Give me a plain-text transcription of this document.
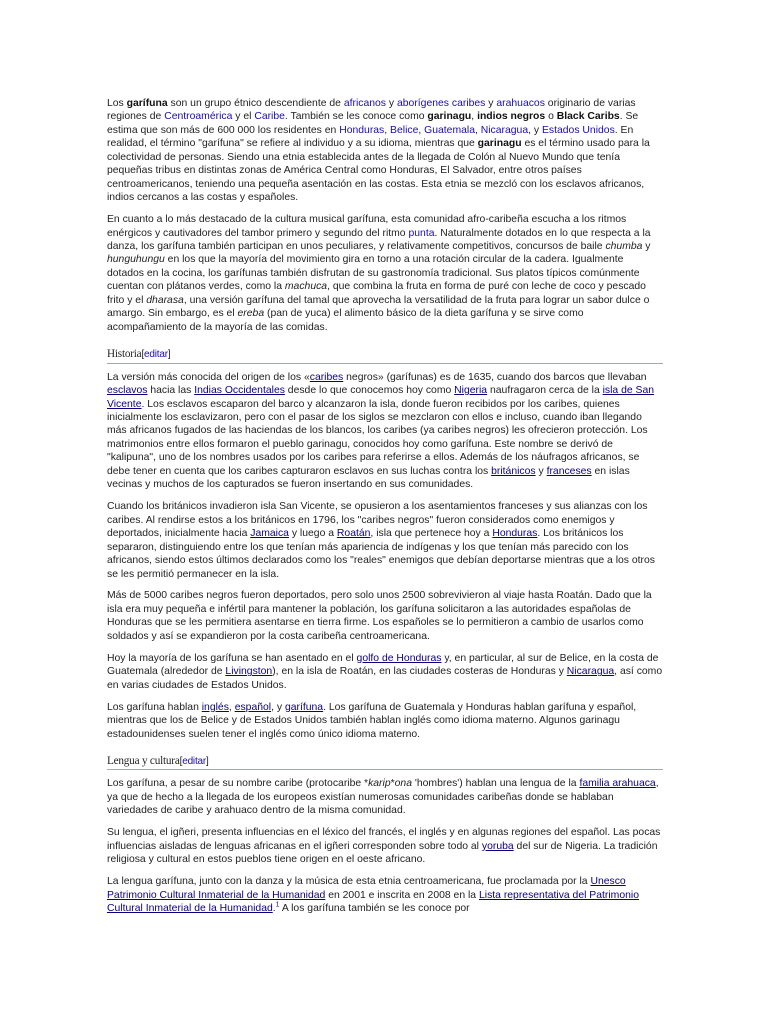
Los garífuna son un grupo étnico descendiente de africanos y aborígenes caribes y arahuacos originario de varias regiones de Centroamérica y el Caribe. También se les conoce como garinagu, indios negros o Black Caribs. Se estima que son más de 600 000 los residentes en Honduras, Belice, Guatemala, Nicaragua, y Estados Unidos. En realidad, el término "garífuna" se refiere al individuo y a su idioma, mientras que garinagu es el término usado para la colectividad de personas. Siendo una etnia establecida antes de la llegada de Colón al Nuevo Mundo que tenía pequeñas tribus en distintas zonas de América Central como Honduras, El Salvador, entre otros países centroamericanos, teniendo una pequeña asentación en las costas. Esta etnia se mezcló con los esclavos africanos, indios cercanos a las costas y españoles.

En cuanto a lo más destacado de la cultura musical garífuna, esta comunidad afro-caribeña escucha a los ritmos enérgicos y cautivadores del tambor primero y segundo del ritmo punta. Naturalmente dotados en lo que respecta a la danza, los garífuna también participan en unos peculiares, y relativamente competitivos, concursos de baile chumba y hunguhungu en los que la mayoría del movimiento gira en torno a una rotación circular de la cadera. Igualmente dotados en la cocina, los garífunas también disfrutan de su gastronomía tradicional. Sus platos típicos comúnmente cuentan con plátanos verdes, como la machuca, que combina la fruta en forma de puré con leche de coco y pescado frito y el dharasa, una versión garífuna del tamal que aprovecha la versatilidad de la fruta para lograr un sabor dulce o amargo. Sin embargo, es el ereba (pan de yuca) el alimento básico de la dieta garífuna y se sirve como acompañamiento de la mayoría de las comidas.

Historia[editar]

La versión más conocida del origen de los «caribes negros» (garífunas) es de 1635, cuando dos barcos que llevaban esclavos hacia las Indias Occidentales desde lo que conocemos hoy como Nigeria naufragaron cerca de la isla de San Vicente. Los esclavos escaparon del barco y alcanzaron la isla, donde fueron recibidos por los caribes, quienes inicialmente los esclavizaron, pero con el pasar de los siglos se mezclaron con ellos e incluso, cuando iban llegando más africanos fugados de las haciendas de los blancos, los caribes (ya caribes negros) les ofrecieron protección. Los matrimonios entre ellos formaron el pueblo garinagu, conocidos hoy como garífuna. Este nombre se derivó de "kalipuna", uno de los nombres usados por los caribes para referirse a ellos. Además de los náufragos africanos, se debe tener en cuenta que los caribes capturaron esclavos en sus luchas contra los británicos y franceses en islas vecinas y muchos de los capturados se fueron insertando en sus comunidades.

Cuando los británicos invadieron isla San Vicente, se opusieron a los asentamientos franceses y sus alianzas con los caribes. Al rendirse estos a los británicos en 1796, los "caribes negros" fueron considerados como enemigos y deportados, inicialmente hacia Jamaica y luego a Roatán, isla que pertenece hoy a Honduras. Los británicos los separaron, distinguiendo entre los que tenían más apariencia de indígenas y los que tenían más parecido con los africanos, siendo estos últimos declarados como los "reales" enemigos que debían deportarse mientras que a los otros se les permitió permanecer en la isla.

Más de 5000 caribes negros fueron deportados, pero solo unos 2500 sobrevivieron al viaje hasta Roatán. Dado que la isla era muy pequeña e infértil para mantener la población, los garífuna solicitaron a las autoridades españolas de Honduras que se les permitiera asentarse en tierra firme. Los españoles se lo permitieron a cambio de usarlos como soldados y así se expandieron por la costa caribeña centroamericana.

Hoy la mayoría de los garífuna se han asentado en el golfo de Honduras y, en particular, al sur de Belice, en la costa de Guatemala (alrededor de Livingston), en la isla de Roatán, en las ciudades costeras de Honduras y Nicaragua, así como en varias ciudades de Estados Unidos.

Los garífuna hablan inglés, español, y garífuna. Los garífuna de Guatemala y Honduras hablan garífuna y español, mientras que los de Belice y de Estados Unidos también hablan inglés como idioma materno. Algunos garinagu estadounidenses suelen tener el inglés como único idioma materno.

Lengua y cultura[editar]

Los garífuna, a pesar de su nombre caribe (protocaribe *karip*ona 'hombres') hablan una lengua de la familia arahuaca, ya que de hecho a la llegada de los europeos existían numerosas comunidades caribeñas donde se hablaban variedades de caribe y arahuaco dentro de la misma comunidad.

Su lengua, el igñeri, presenta influencias en el léxico del francés, el inglés y en algunas regiones del español. Las pocas influencias aisladas de lenguas africanas en el igñeri corresponden sobre todo al yoruba del sur de Nigeria. La tradición religiosa y cultural en estos pueblos tiene origen en el oeste africano.

La lengua garífuna, junto con la danza y la música de esta etnia centroamericana, fue proclamada por la Unesco Patrimonio Cultural Inmaterial de la Humanidad en 2001 e inscrita en 2008 en la Lista representativa del Patrimonio Cultural Inmaterial de la Humanidad.$^1$ A los garífuna también se les conoce por
